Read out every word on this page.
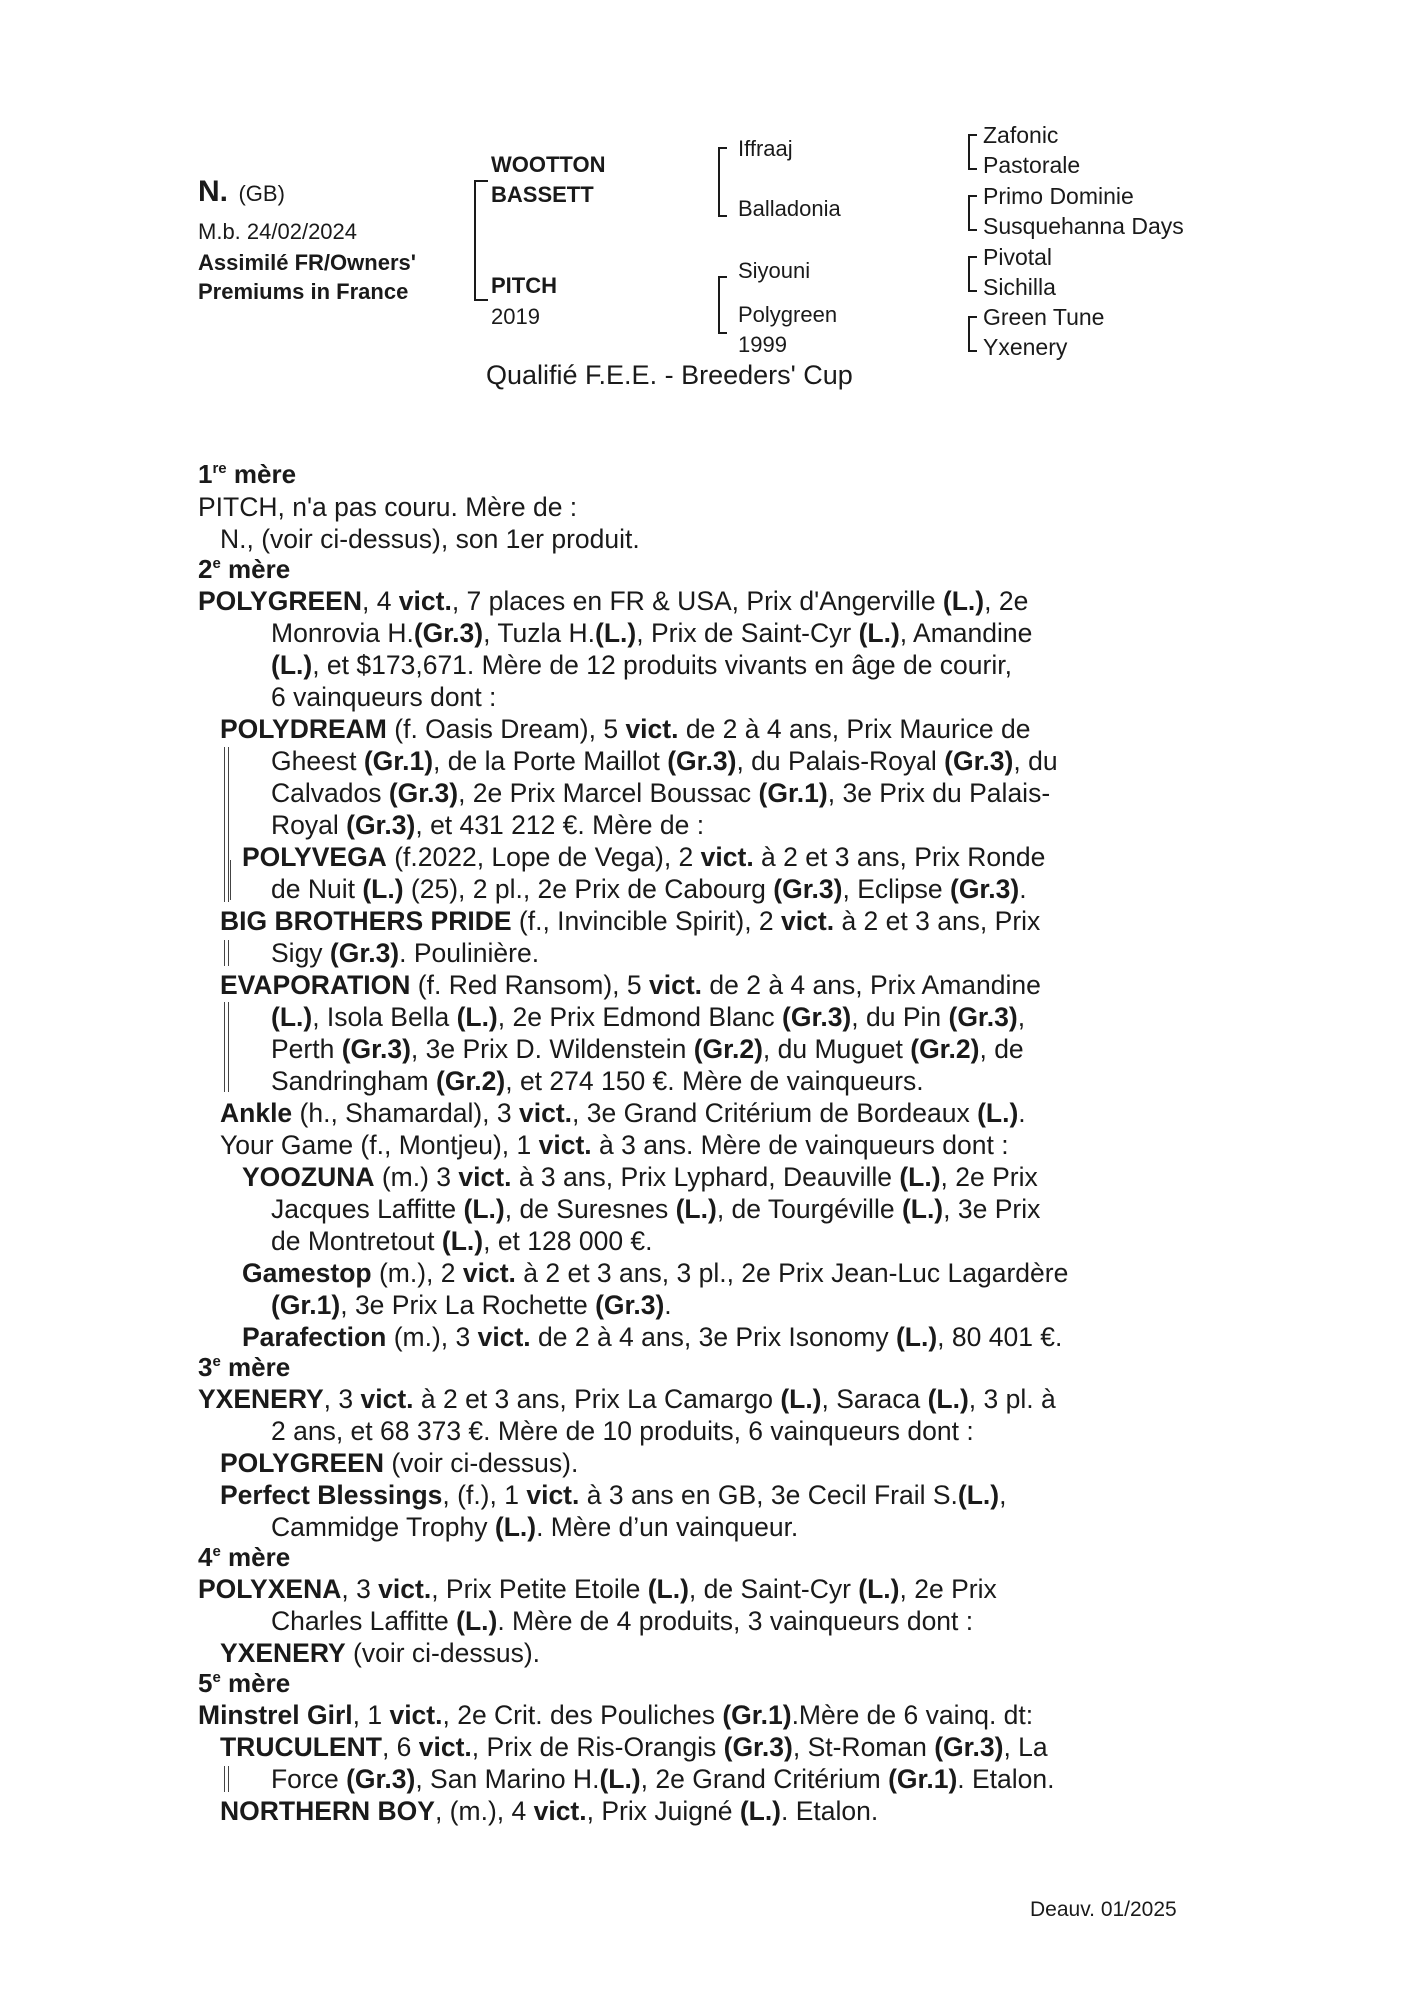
N. (GB)
M.b. 24/02/2024
Assimilé FR/Owners'
Premiums in France
WOOTTON
BASSETT
PITCH
2019
Iffraaj
Balladonia
Siyouni
Polygreen
1999
Zafonic
Pastorale
Primo Dominie
Susquehanna Days
Pivotal
Sichilla
Green Tune
Yxenery
Qualifié F.E.E. - Breeders' Cup
1re mère
PITCH, n'a pas couru. Mère de :
N., (voir ci-dessus), son 1er produit.
2e mère
POLYGREEN, 4 vict., 7 places en FR & USA, Prix d'Angerville (L.), 2e
Monrovia H.(Gr.3), Tuzla H.(L.), Prix de Saint-Cyr (L.), Amandine
(L.), et $173,671. Mère de 12 produits vivants en âge de courir,
6 vainqueurs dont :
POLYDREAM (f. Oasis Dream), 5 vict. de 2 à 4 ans, Prix Maurice de
Gheest (Gr.1), de la Porte Maillot (Gr.3), du Palais-Royal (Gr.3), du
Calvados (Gr.3), 2e Prix Marcel Boussac (Gr.1), 3e Prix du Palais-
Royal (Gr.3), et 431 212 €. Mère de :
POLYVEGA (f.2022, Lope de Vega), 2 vict. à 2 et 3 ans, Prix Ronde
de Nuit (L.) (25), 2 pl., 2e Prix de Cabourg (Gr.3), Eclipse (Gr.3).
BIG BROTHERS PRIDE (f., Invincible Spirit), 2 vict. à 2 et 3 ans, Prix
Sigy (Gr.3). Poulinière.
EVAPORATION (f. Red Ransom), 5 vict. de 2 à 4 ans, Prix Amandine
(L.), Isola Bella (L.), 2e Prix Edmond Blanc (Gr.3), du Pin (Gr.3),
Perth (Gr.3), 3e Prix D. Wildenstein (Gr.2), du Muguet (Gr.2), de
Sandringham (Gr.2), et 274 150 €. Mère de vainqueurs.
Ankle (h., Shamardal), 3 vict., 3e Grand Critérium de Bordeaux (L.).
Your Game (f., Montjeu), 1 vict. à 3 ans. Mère de vainqueurs dont :
YOOZUNA (m.) 3 vict. à 3 ans, Prix Lyphard, Deauville (L.), 2e Prix
Jacques Laffitte (L.), de Suresnes (L.), de Tourgéville (L.), 3e Prix
de Montretout (L.), et 128 000 €.
Gamestop (m.), 2 vict. à 2 et 3 ans, 3 pl., 2e Prix Jean-Luc Lagardère
(Gr.1), 3e Prix La Rochette (Gr.3).
Parafection (m.), 3 vict. de 2 à 4 ans, 3e Prix Isonomy (L.), 80 401 €.
3e mère
YXENERY, 3 vict. à 2 et 3 ans, Prix La Camargo (L.), Saraca (L.), 3 pl. à
2 ans, et 68 373 €. Mère de 10 produits, 6 vainqueurs dont :
POLYGREEN (voir ci-dessus).
Perfect Blessings, (f.), 1 vict. à 3 ans en GB, 3e Cecil Frail S.(L.),
Cammidge Trophy (L.). Mère d’un vainqueur.
4e mère
POLYXENA, 3 vict., Prix Petite Etoile (L.), de Saint-Cyr (L.), 2e Prix
Charles Laffitte (L.). Mère de 4 produits, 3 vainqueurs dont :
YXENERY (voir ci-dessus).
5e mère
Minstrel Girl, 1 vict., 2e Crit. des Pouliches (Gr.1).Mère de 6 vainq. dt:
TRUCULENT, 6 vict., Prix de Ris-Orangis (Gr.3), St-Roman (Gr.3), La
Force (Gr.3), San Marino H.(L.), 2e Grand Critérium (Gr.1). Etalon.
NORTHERN BOY, (m.), 4 vict., Prix Juigné (L.). Etalon.
Deauv. 01/2025
